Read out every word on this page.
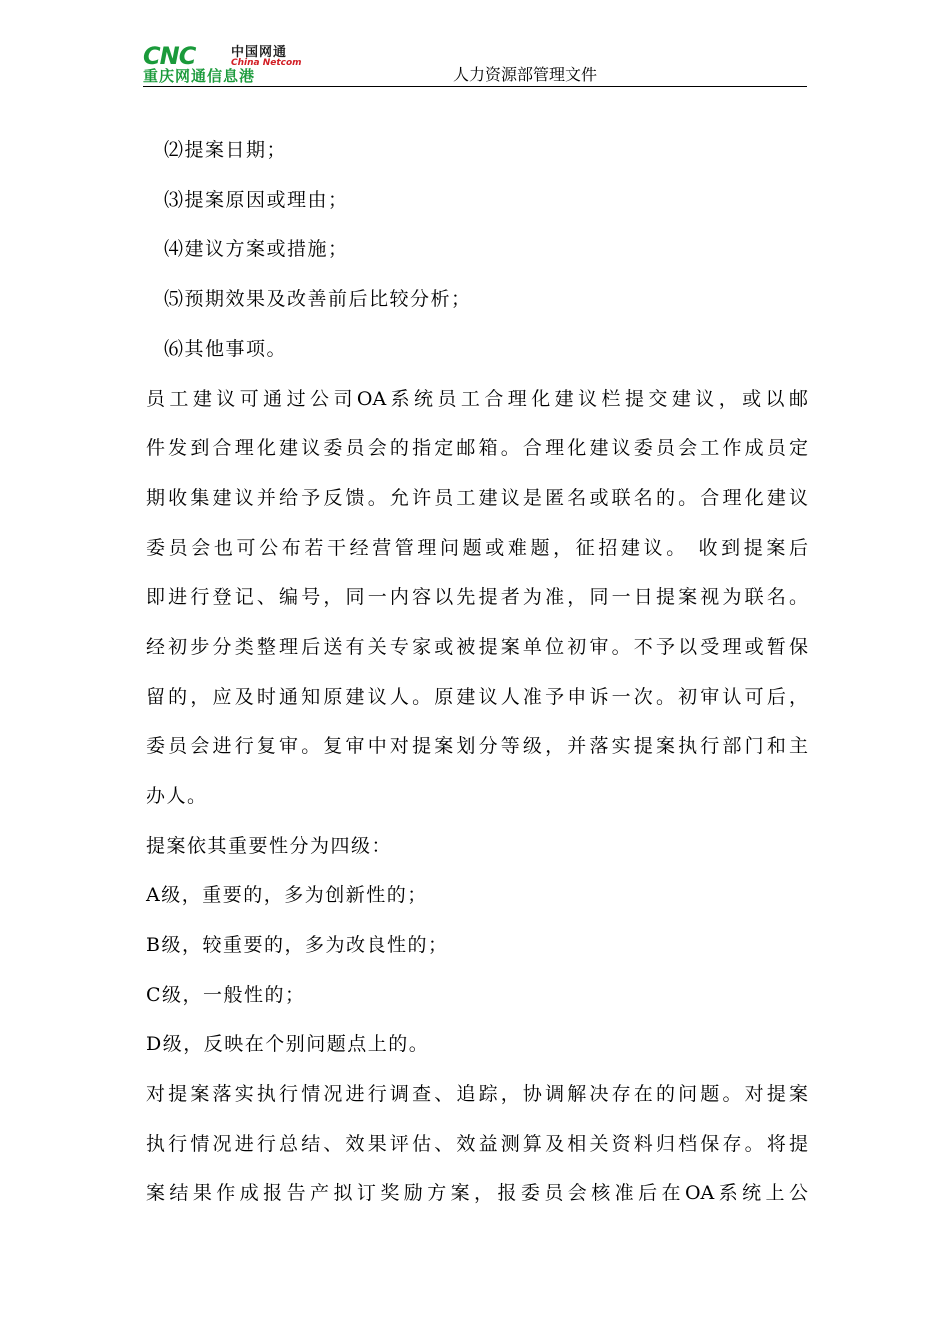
CNC	中国网通
China Netcom
重庆网通信息港	人力资源部管理文件
⑵提案日期；
⑶提案原因或理由；
⑷建议方案或措施；
⑸预期效果及改善前后比较分析；
⑹其他事项。
员工建议可通过公司OA系统员工合理化建议栏提交建议，或以邮
件发到合理化建议委员会的指定邮箱。合理化建议委员会工作成员定
期收集建议并给予反馈。允许员工建议是匿名或联名的。合理化建议
委员会也可公布若干经营管理问题或难题，征招建议。 收到提案后
即进行登记、编号，同一内容以先提者为准，同一日提案视为联名。
经初步分类整理后送有关专家或被提案单位初审。不予以受理或暂保
留的，应及时通知原建议人。原建议人准予申诉一次。初审认可后，
委员会进行复审。复审中对提案划分等级，并落实提案执行部门和主
办人。
提案依其重要性分为四级：
A级，重要的，多为创新性的；
B级，较重要的，多为改良性的；
C级，一般性的；
D级，反映在个别问题点上的。
对提案落实执行情况进行调查、追踪，协调解决存在的问题。对提案
执行情况进行总结、效果评估、效益测算及相关资料归档保存。将提
案结果作成报告产拟订奖励方案，报委员会核准后在OA系统上公
